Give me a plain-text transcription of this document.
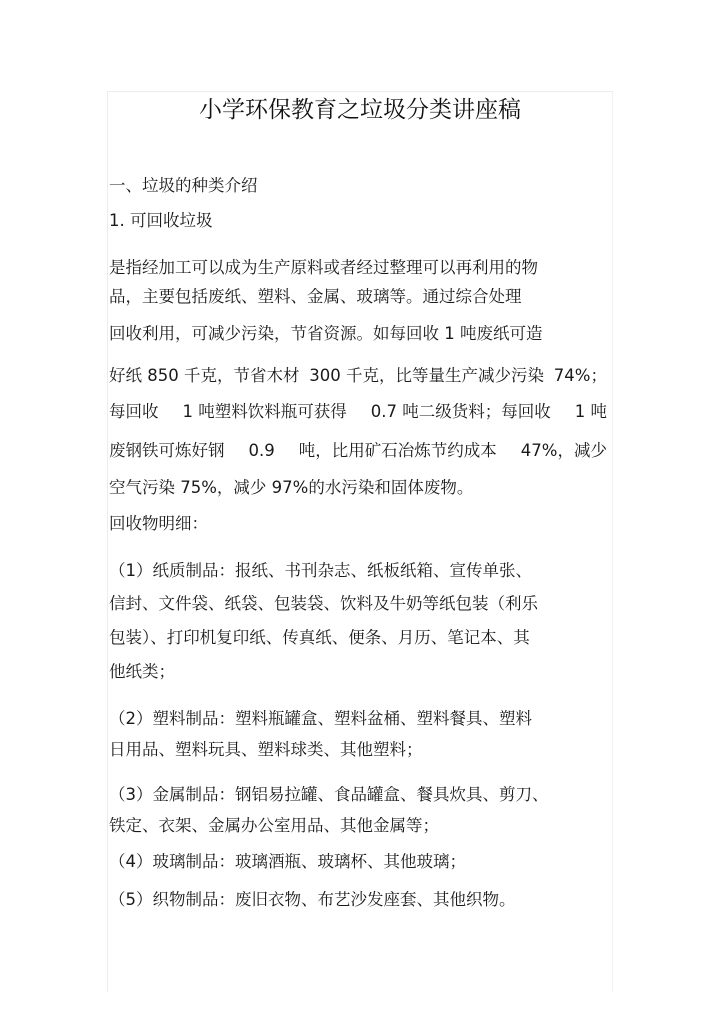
小学环保教育之垃圾分类讲座稿
一、垃圾的种类介绍
1. 可回收垃圾
是指经加工可以成为生产原料或者经过整理可以再利用的物
品，主要包括废纸、塑料、金属、玻璃等。通过综合处理
回收利用，可减少污染，节省资源。如每回收 1 吨废纸可造
好纸 850 千克，节省木材 300 千克，比等量生产减少污染 74%；
每回收 1 吨塑料饮料瓶可获得 0.7 吨二级货料；每回收 1 吨
废钢铁可炼好钢 0.9 吨，比用矿石冶炼节约成本 47%，减少
空气污染 75%，减少 97%的水污染和固体废物。
回收物明细：
（1）纸质制品：报纸、书刊杂志、纸板纸箱、宣传单张、
信封、文件袋、纸袋、包装袋、饮料及牛奶等纸包装（利乐
包装）、打印机复印纸、传真纸、便条、月历、笔记本、其
他纸类；
（2）塑料制品：塑料瓶罐盒、塑料盆桶、塑料餐具、塑料
日用品、塑料玩具、塑料球类、其他塑料；
（3）金属制品：钢铝易拉罐、食品罐盒、餐具炊具、剪刀、
铁定、衣架、金属办公室用品、其他金属等；
（4）玻璃制品：玻璃酒瓶、玻璃杯、其他玻璃；
（5）织物制品：废旧衣物、布艺沙发座套、其他织物。
